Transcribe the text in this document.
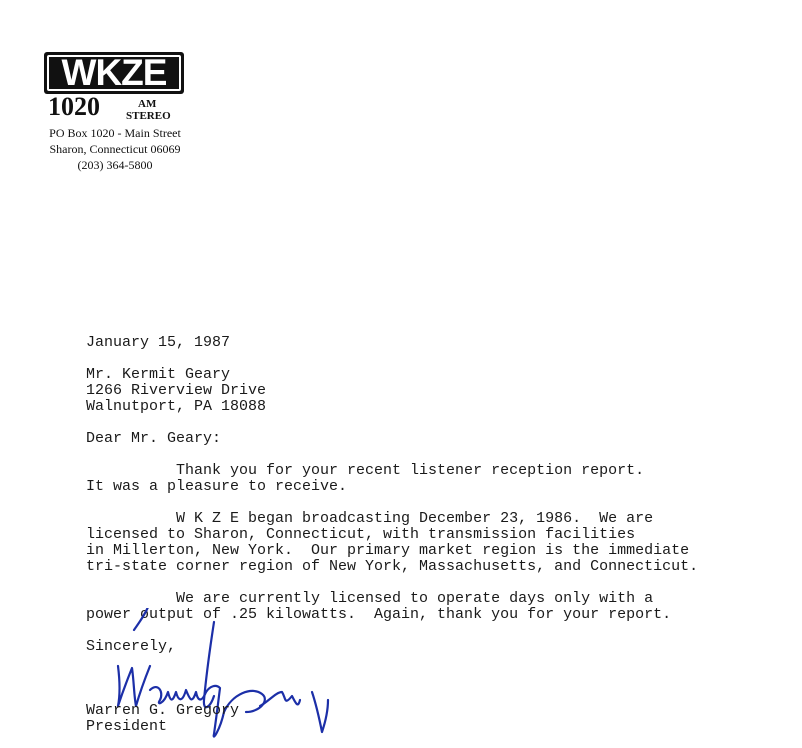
WKZE
1020	AM
STEREO
PO Box 1020 - Main Street
Sharon, Connecticut 06069
(203) 364-5800
January 15, 1987
Mr. Kermit Geary
1266 Riverview Drive
Walnutport, PA 18088
Dear Mr. Geary:
Thank you for your recent listener reception report.
It was a pleasure to receive.
W K Z E began broadcasting December 23, 1986.  We are
licensed to Sharon, Connecticut, with transmission facilities
in Millerton, New York.  Our primary market region is the immediate
tri-state corner region of New York, Massachusetts, and Connecticut.
We are currently licensed to operate days only with a
power output of .25 kilowatts.  Again, thank you for your report.
Sincerely,
Warren G. Gregory
President
